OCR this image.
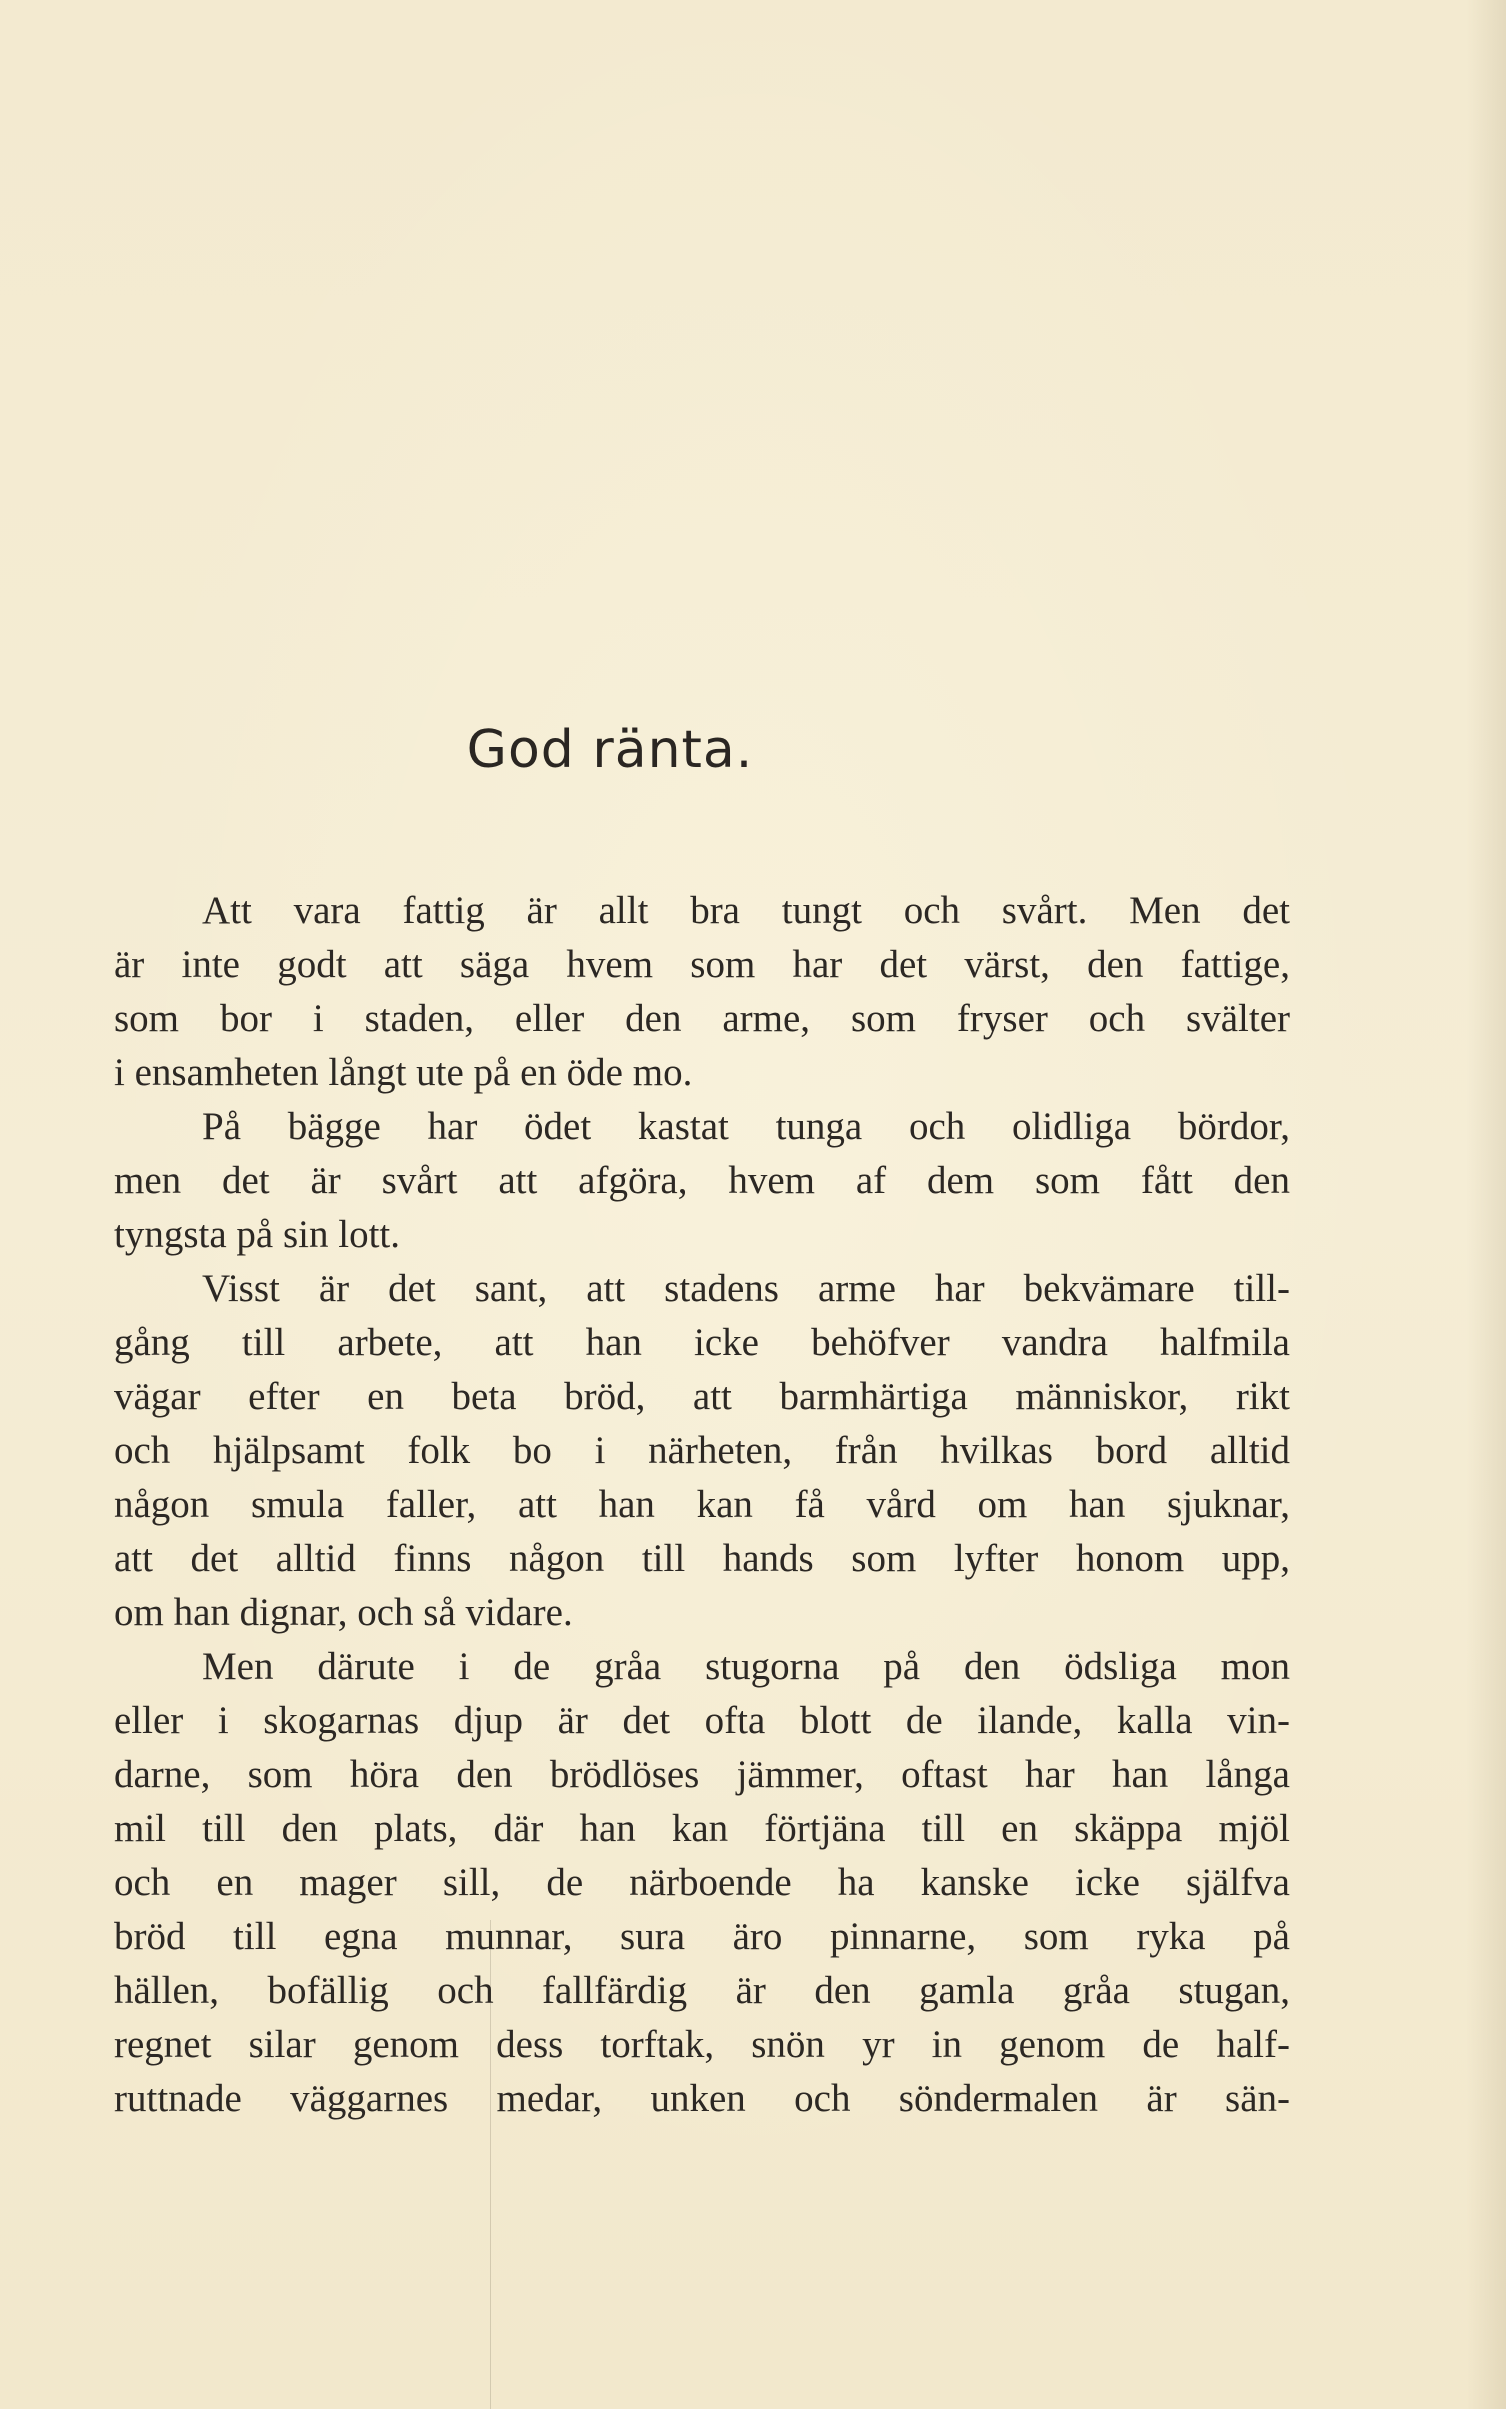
God ränta.
Att vara fattig är allt bra tungt och svårt. Men det
är inte godt att säga hvem som har det värst, den fattige,
som bor i staden, eller den arme, som fryser och svälter
i ensamheten långt ute på en öde mo.
På bägge har ödet kastat tunga och olidliga bördor,
men det är svårt att afgöra, hvem af dem som fått den
tyngsta på sin lott.
Visst är det sant, att stadens arme har bekvämare till-
gång till arbete, att han icke behöfver vandra halfmila
vägar efter en beta bröd, att barmhärtiga människor, rikt
och hjälpsamt folk bo i närheten, från hvilkas bord alltid
någon smula faller, att han kan få vård om han sjuknar,
att det alltid finns någon till hands som lyfter honom upp,
om han dignar, och så vidare.
Men därute i de gråa stugorna på den ödsliga mon
eller i skogarnas djup är det ofta blott de ilande, kalla vin-
darne, som höra den brödlöses jämmer, oftast har han långa
mil till den plats, där han kan förtjäna till en skäppa mjöl
och en mager sill, de närboende ha kanske icke själfva
bröd till egna munnar, sura äro pinnarne, som ryka på
hällen, bofällig och fallfärdig är den gamla gråa stugan,
regnet silar genom dess torftak, snön yr in genom de half-
ruttnade väggarnes medar, unken och söndermalen är sän-
